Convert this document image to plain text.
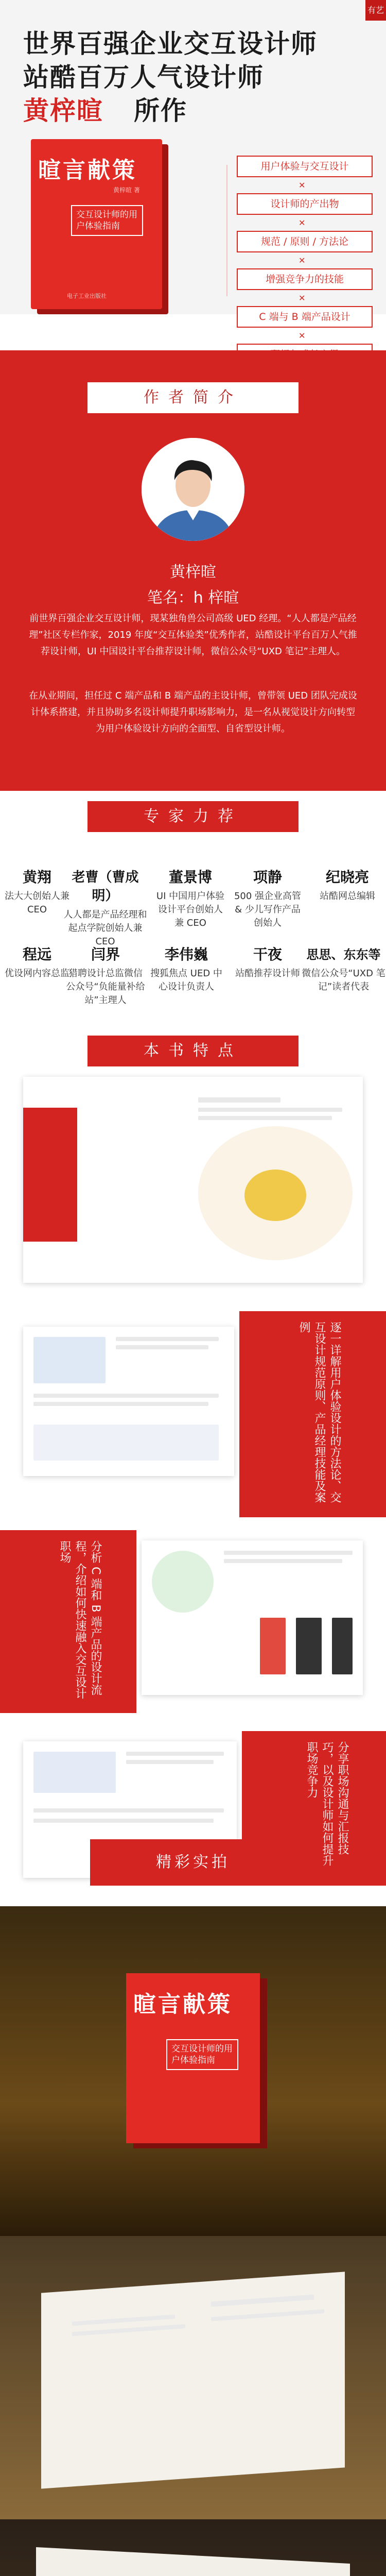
有艺
世界百强企业交互设计师
站酷百万人气设计师
黄梓暄 所作
暄言献策
黄梓暄 著
交互设计师的用户体验指南
电子工业出版社
用户体验与交互设计
✕
设计师的产出物
✕
规范 / 原则 / 方法论
✕
增强竞争力的技能
✕
C 端与 B 端产品设计
✕
作者简介
黄梓暄
笔名：h 梓暄
前世界百强企业交互设计师，现某独角兽公司高级 UED 经理。“人人都是产品经理”社区专栏作家，2019 年度“交互体验类”优秀作者，站酷设计平台百万人气推荐设计师，UI 中国设计平台推荐设计师，微信公众号“UXD 笔记”主理人。
在从业期间，担任过 C 端产品和 B 端产品的主设计师，曾带领 UED 团队完成设计体系搭建，并且协助多名设计师提升职场影响力，是一名从视觉设计方向转型为用户体验设计方向的全面型、自省型设计师。
专家力荐
黄翔
法大大创始人兼CEO
老曹（曹成明）
人人都是产品经理和起点学院创始人兼CEO
董景博
UI 中国用户体验设计平台创始人兼 CEO
项静
500 强企业高管 & 少儿写作产品创始人
纪晓亮
站酷网总编辑
程远
优设网内容总监
闫界
猎聘设计总监微信公众号“负能量补给站”主理人
李伟巍
搜狐焦点 UED 中心设计负责人
干夜
站酷推荐设计师
思思、东东等
微信公众号“UXD 笔记”读者代表
本书特点
逐一详解用户体验设计的方法论、交互设计规范原则、产品经理技能及案例
分析 C 端和 B 端产品的设计流程，介绍如何快速融入交互设计职场
分享职场沟通与汇报技巧，以及设计师如何提升职场竞争力
精彩实拍
暄言献策
交互设计师的用户体验指南
